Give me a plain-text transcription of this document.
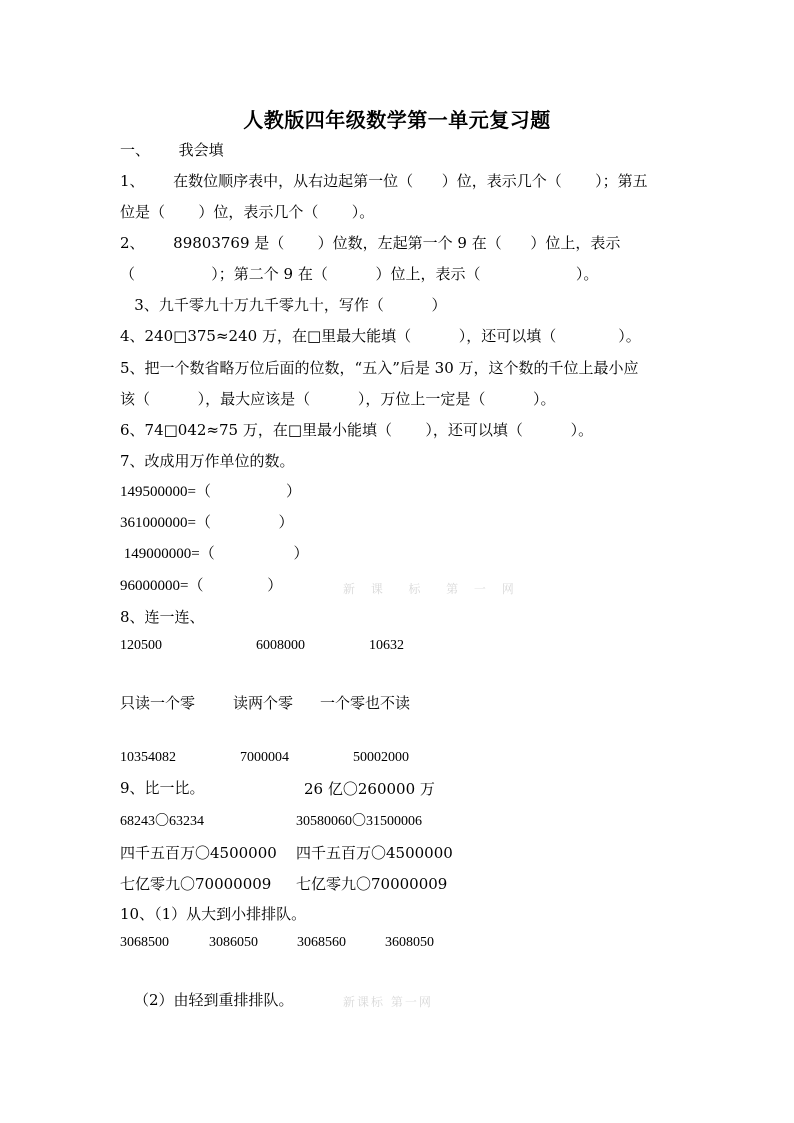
人教版四年级数学第一单元复习题
一、      我会填
1、      在数位顺序表中，从右边起第一位（      ）位，表示几个（       ）；第五
位是（       ）位，表示几个（       ）。
2、      89803769 是（       ）位数，左起第一个 9 在（      ）位上，表示
（                ）；第二个 9 在（          ）位上，表示（                    ）。
3、九千零九十万九千零九十，写作（          ）
4、240□375≈240 万，在□里最大能填（          ），还可以填（             ）。
5、把一个数省略万位后面的位数，“五入”后是 30 万，这个数的千位上最小应
该（          ），最大应该是（          ），万位上一定是（          ）。
6、74□042≈75 万，在□里最小能填（       ），还可以填（          ）。
7、改成用万作单位的数。
149500000=（                    ）
361000000=（                  ）
149000000=（                     ）
96000000=（                 ）	新 课  标  第 一 网
8、连一连、
120500	6008000	10632
只读一个零	读两个零 一个零也不读
10354082	7000004	50002000
9、比一比。	26 亿〇260000 万
68243〇63234	30580060〇31500006
四千五百万〇4500000 四千五百万〇4500000
七亿零九〇70000009 七亿零九〇70000009
10、（1）从大到小排排队。
3068500	3086050	3068560	3608050
（2）由轻到重排排队。	新课标 第一网
